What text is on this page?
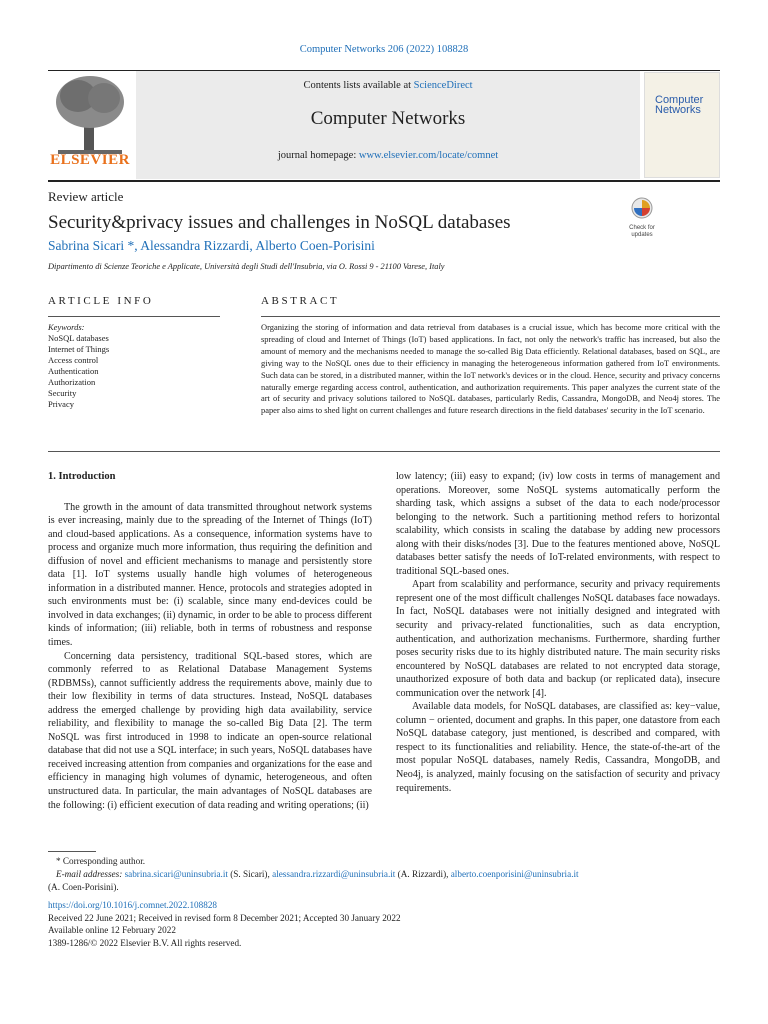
Computer Networks 206 (2022) 108828
ELSEVIER
Contents lists available at ScienceDirect
Computer Networks
journal homepage: www.elsevier.com/locate/comnet
Computer Networks
Review article
Security&privacy issues and challenges in NoSQL databases
Sabrina Sicari *, Alessandra Rizzardi, Alberto Coen-Porisini
Dipartimento di Scienze Teoriche e Applicate, Università degli Studi dell'Insubria, via O. Rossi 9 - 21100 Varese, Italy
Check for updates
ARTICLE INFO	ABSTRACT
Keywords:
NoSQL databases
Internet of Things
Access control
Authentication
Authorization
Security
Privacy
Organizing the storing of information and data retrieval from databases is a crucial issue, which has become more critical with the spreading of cloud and Internet of Things (IoT) based applications. In fact, not only the network's traffic has increased, but also the amount of memory and the mechanisms needed to manage the so-called Big Data efficiently. Relational databases, based on SQL, are giving way to the NoSQL ones due to their efficiency in managing the heterogeneous information gathered from IoT environments. Such data can be stored, in a distributed manner, within the IoT network's devices or in the cloud. Hence, security and privacy concerns naturally emerge regarding access control, authentication, and authorization requirements. This paper analyzes the current state of the art of security and privacy solutions tailored to NoSQL databases, particularly Redis, Cassandra, MongoDB, and Neo4j stores. The paper also aims to shed light on current challenges and future research directions in the field databases' security in the IoT scenario.
1. Introduction

The growth in the amount of data transmitted throughout network systems is ever increasing, mainly due to the spreading of the Internet of Things (IoT) and cloud-based applications. As a consequence, information systems have to process and organize much more information, thus requiring the definition and diffusion of novel and efficient mechanisms to manage and persistently store data [1]. IoT systems usually handle high volumes of heterogeneous information in a distributed manner. Hence, protocols and strategies adopted in such environments must be: (i) scalable, since many end-devices could be involved in data exchanges; (ii) dynamic, in order to be able to process different kinds of information; (iii) reliable, both in terms of robustness and response times.

Concerning data persistency, traditional SQL-based stores, which are commonly referred to as Relational Database Management Systems (RDBMSs), cannot sufficiently address the requirements above, mainly due to their low flexibility in terms of data structures. Instead, NoSQL databases address the emerged challenge by providing high data availability, service reliability, and flexibility to manage the so-called Big Data [2]. The term NoSQL was first introduced in 1998 to indicate an open-source relational database that did not use a SQL interface; in such years, NoSQL databases have received increasing attention from companies and organizations for the ease and efficiency in managing high volumes of dynamic, heterogeneous, and often unstructured data. In particular, the main advantages of NoSQL databases are the following: (i) efficient execution of data reading and writing operations; (ii)

low latency; (iii) easy to expand; (iv) low costs in terms of management and operations. Moreover, some NoSQL systems automatically perform the sharding task, which assigns a subset of the data to each node/processor belonging to the network. Such a partitioning method refers to horizontal scalability, which consists in scaling the database by adding new processors along with their disks/nodes [3]. Due to the features mentioned above, NoSQL databases better satisfy the needs of IoT-related environments, with respect to traditional SQL-based ones.

Apart from scalability and performance, security and privacy requirements represent one of the most difficult challenges NoSQL databases face nowadays. In fact, NoSQL databases were not initially designed and integrated with security and privacy-related functionalities, such as data encryption, authentication, and authorization mechanisms. Furthermore, sharding further poses security risks due to its highly distributed nature. The main security risks encountered by NoSQL databases are related to not encrypted data storage, unauthorized exposure of both data and backup (or replicated data), insecure communication over the network [4].

Available data models, for NoSQL databases, are classified as: key−value, column − oriented, document and graphs. In this paper, one datastore from each NoSQL database category, just mentioned, is described and compared, with respect to its functionalities and reliability. Hence, the state-of-the-art of the most popular NoSQL databases, namely Redis, Cassandra, MongoDB, and Neo4j, is analyzed, mainly focusing on the satisfaction of security and privacy requirements.

* Corresponding author.
E-mail addresses: sabrina.sicari@uninsubria.it (S. Sicari), alessandra.rizzardi@uninsubria.it (A. Rizzardi), alberto.coenporisini@uninsubria.it
(A. Coen-Porisini).
https://doi.org/10.1016/j.comnet.2022.108828
Received 22 June 2021; Received in revised form 8 December 2021; Accepted 30 January 2022
Available online 12 February 2022
1389-1286/© 2022 Elsevier B.V. All rights reserved.
